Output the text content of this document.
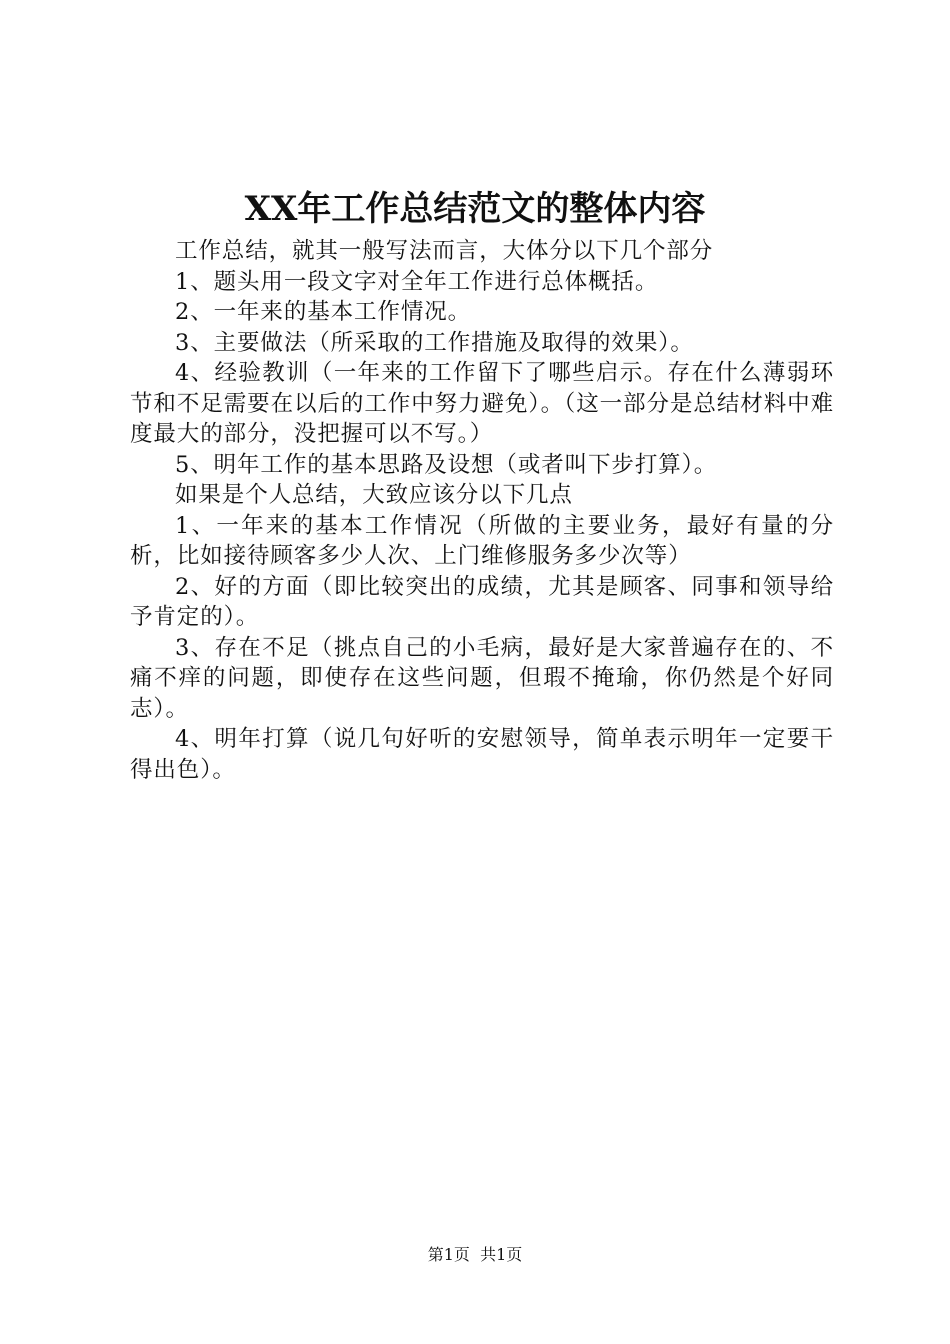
XX年工作总结范文的整体内容

工作总结，就其一般写法而言，大体分以下几个部分

1、题头用一段文字对全年工作进行总体概括。

2、一年来的基本工作情况。

3、主要做法（所采取的工作措施及取得的效果）。

4、经验教训（一年来的工作留下了哪些启示。存在什么薄弱环节和不足需要在以后的工作中努力避免）。（这一部分是总结材料中难度最大的部分，没把握可以不写。）

5、明年工作的基本思路及设想（或者叫下步打算）。

如果是个人总结，大致应该分以下几点

1、一年来的基本工作情况（所做的主要业务，最好有量的分析，比如接待顾客多少人次、上门维修服务多少次等）

2、好的方面（即比较突出的成绩，尤其是顾客、同事和领导给予肯定的）。

3、存在不足（挑点自己的小毛病，最好是大家普遍存在的、不痛不痒的问题，即使存在这些问题，但瑕不掩瑜，你仍然是个好同志）。

4、明年打算（说几句好听的安慰领导，简单表示明年一定要干得出色）。

第1页 共1页
